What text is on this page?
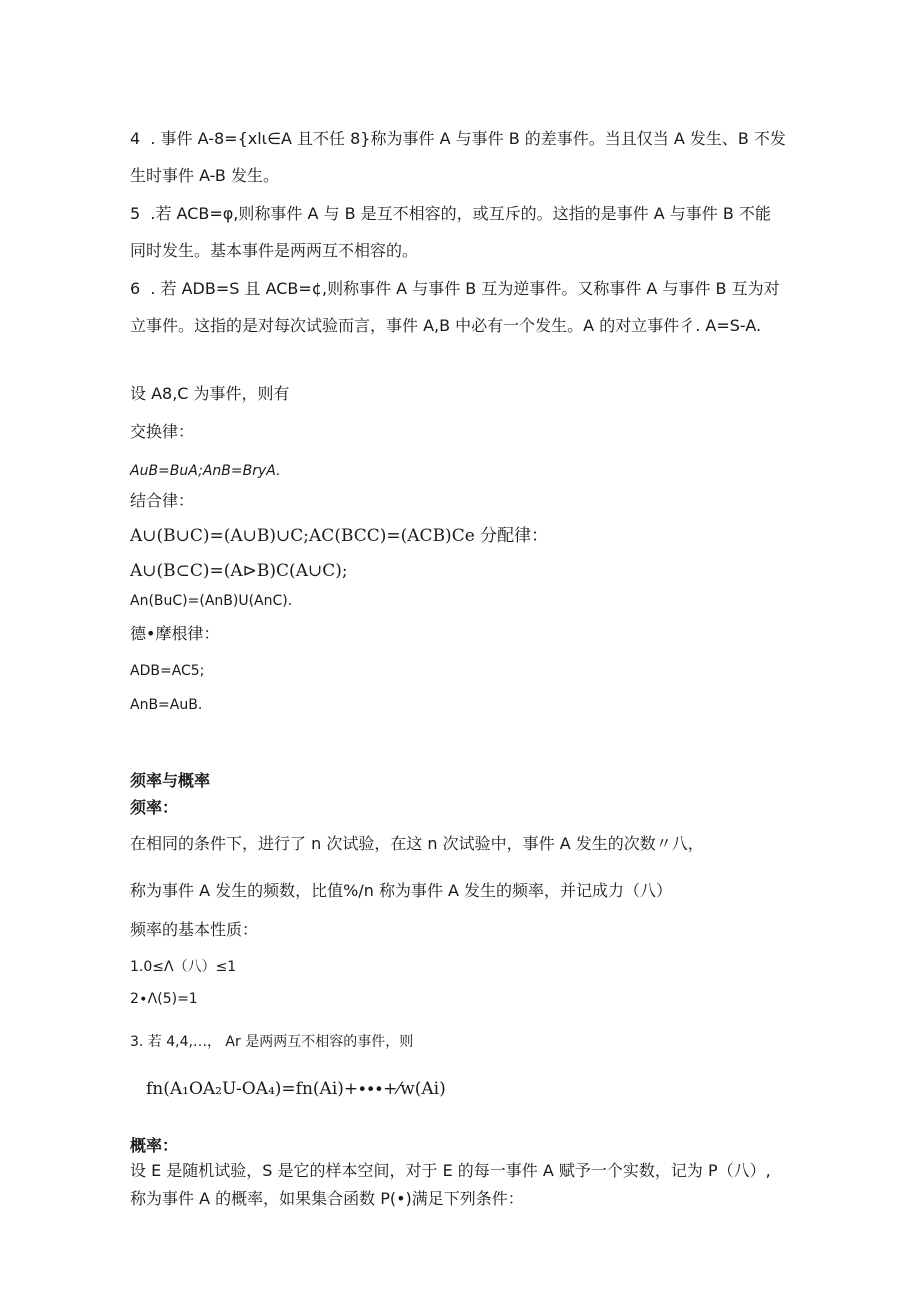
4  . 事件 A-8={xlι∈A 且不任 8}称为事件 A 与事件 B 的差事件。当且仅当 A 发生、B 不发
生时事件 A-B 发生。
5  .若 ACB=φ,则称事件 A 与 B 是互不相容的，或互斥的。这指的是事件 A 与事件 B 不能
同时发生。基本事件是两两互不相容的。
6  . 若 ADB=S 且 ACB=¢,则称事件 A 与事件 B 互为逆事件。又称事件 A 与事件 B 互为对
立事件。这指的是对每次试验而言，事件 A,B 中必有一个发生。A 的对立事件彳. A=S-A.
设 A8,C 为事件，则有
交换律：
AuB=BuA;AnB=BryA.
结合律：
A∪(B∪C)=(A∪B)∪C;AC(BCC)=(ACB)Ce 分配律：
A∪(B⊂C)=(A⊳B)C(A∪C);
An(BuC)=(AnB)U(AnC).
德•摩根律：
ADB=AC5;
AnB=AuB.
须率与概率
须率：
在相同的条件下，进行了 n 次试验，在这 n 次试验中，事件 A 发生的次数〃八，
称为事件 A 发生的频数，比值%/n 称为事件 A 发生的频率，并记成力（八）
频率的基本性质：
1.0≤Λ（八）≤1
2∙Λ(5)=1
3. 若 4,4,…， Ar 是两两互不相容的事件，则
fn(A₁OA₂U-OA₄)=fn(Ai)+∙∙∙+⁄w(Ai)
概率：
设 E 是随机试验，S 是它的样本空间，对于 E 的每一事件 A 赋予一个实数，记为 P（八）,
称为事件 A 的概率，如果集合函数 P(•)满足下列条件：
